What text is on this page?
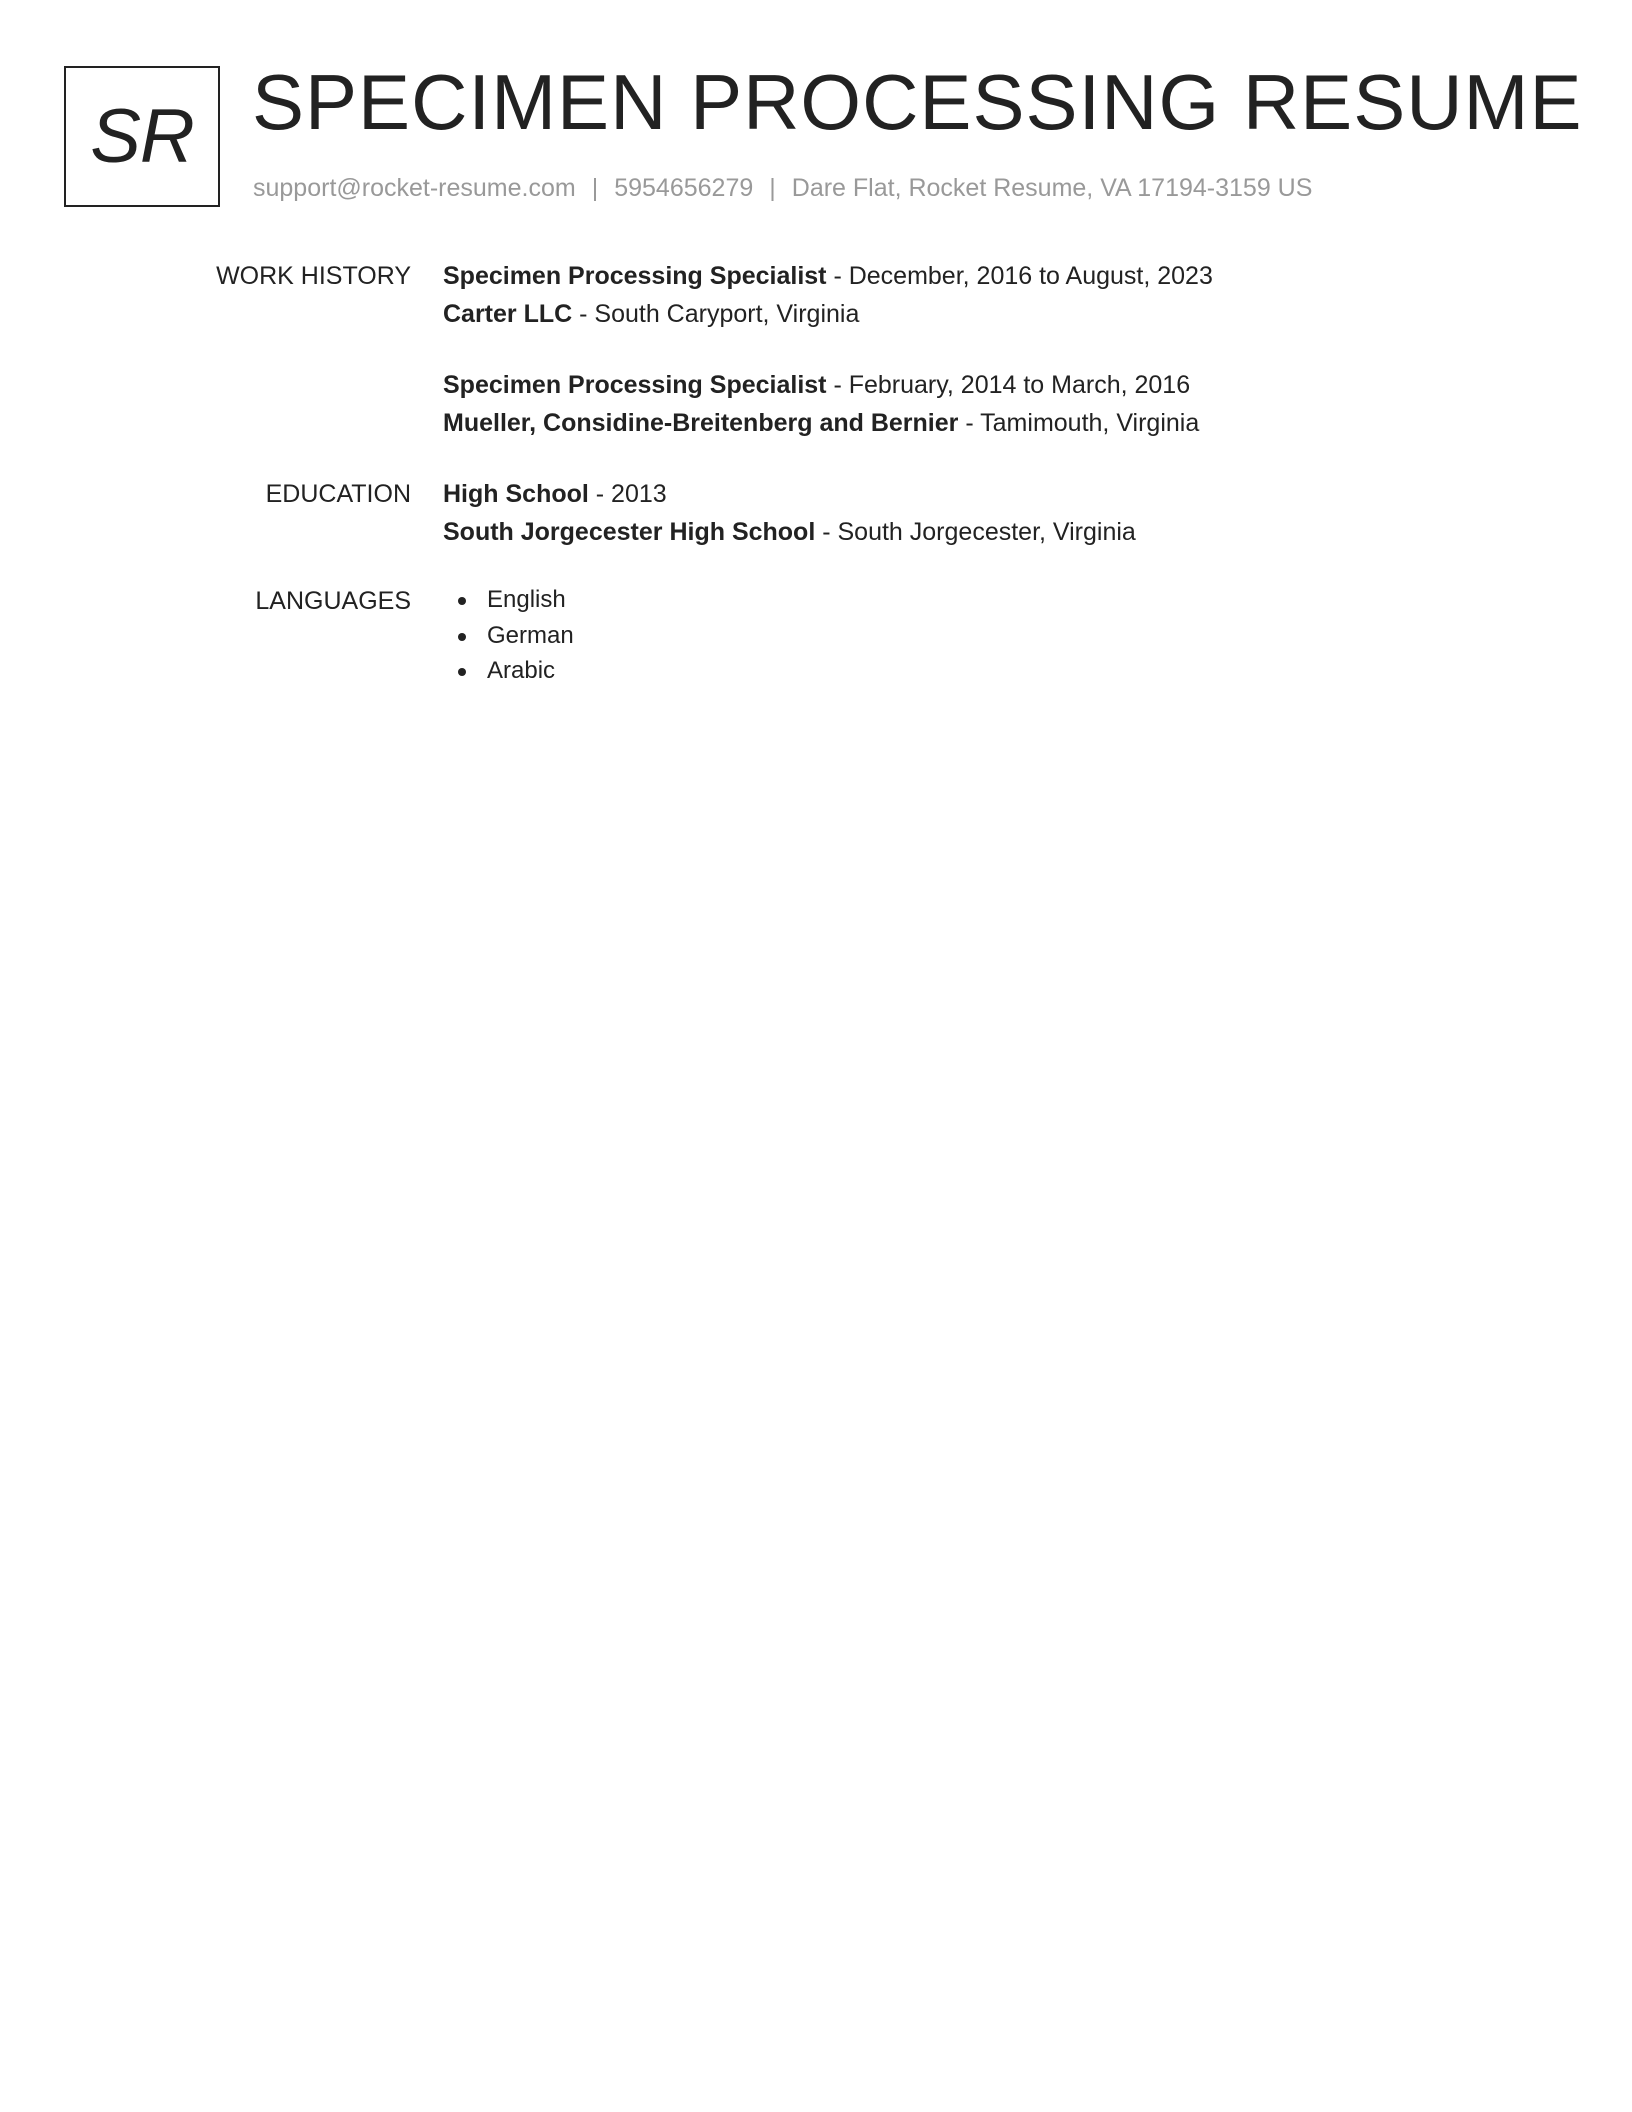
SR SPECIMEN PROCESSING RESUME
support@rocket-resume.com | 5954656279 | Dare Flat, Rocket Resume, VA 17194-3159 US
WORK HISTORY Specimen Processing Specialist - December, 2016 to August, 2023
Carter LLC - South Caryport, Virginia
Specimen Processing Specialist - February, 2014 to March, 2016
Mueller, Considine-Breitenberg and Bernier - Tamimouth, Virginia
EDUCATION High School - 2013
South Jorgecester High School - South Jorgecester, Virginia
LANGUAGES	English
German
Arabic
